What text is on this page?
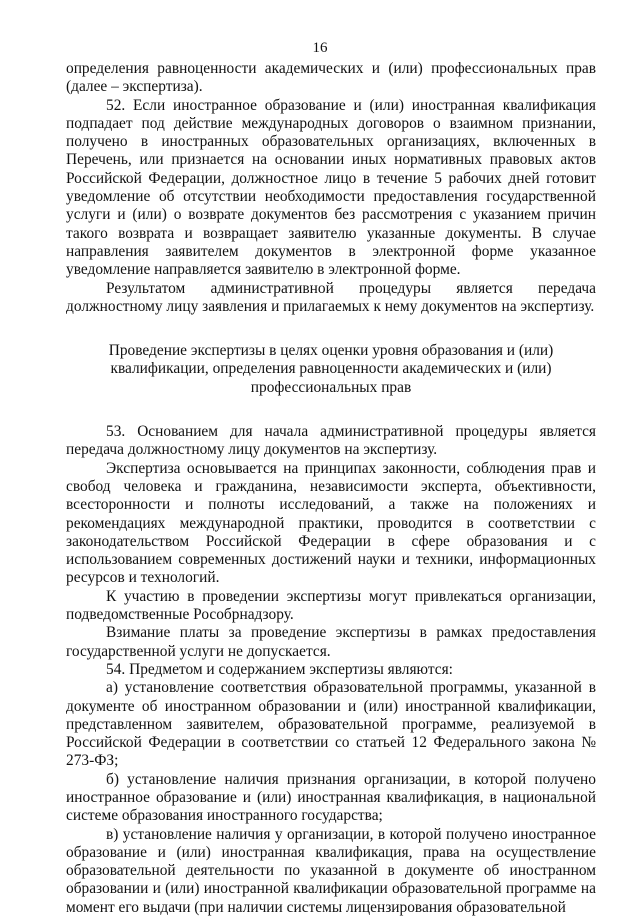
16

определения равноценности академических и (или) профессиональных прав (далее – экспертиза).

52. Если иностранное образование и (или) иностранная квалификация подпадает под действие международных договоров о взаимном признании, получено в иностранных образовательных организациях, включенных в Перечень, или признается на основании иных нормативных правовых актов Российской Федерации, должностное лицо в течение 5 рабочих дней готовит уведомление об отсутствии необходимости предоставления государственной услуги и (или) о возврате документов без рассмотрения с указанием причин такого возврата и возвращает заявителю указанные документы. В случае направления заявителем документов в электронной форме указанное уведомление направляется заявителю в электронной форме.

Результатом административной процедуры является передача должностному лицу заявления и прилагаемых к нему документов на экспертизу.

Проведение экспертизы в целях оценки уровня образования и (или) квалификации, определения равноценности академических и (или) профессиональных прав

53. Основанием для начала административной процедуры является передача должностному лицу документов на экспертизу.

Экспертиза основывается на принципах законности, соблюдения прав и свобод человека и гражданина, независимости эксперта, объективности, всесторонности и полноты исследований, а также на положениях и рекомендациях международной практики, проводится в соответствии с законодательством Российской Федерации в сфере образования и с использованием современных достижений науки и техники, информационных ресурсов и технологий.

К участию в проведении экспертизы могут привлекаться организации, подведомственные Рособрнадзору.

Взимание платы за проведение экспертизы в рамках предоставления государственной услуги не допускается.

54. Предметом и содержанием экспертизы являются:

а) установление соответствия образовательной программы, указанной в документе об иностранном образовании и (или) иностранной квалификации, представленном заявителем, образовательной программе, реализуемой в Российской Федерации в соответствии со статьей 12 Федерального закона № 273-ФЗ;

б) установление наличия признания организации, в которой получено иностранное образование и (или) иностранная квалификация, в национальной системе образования иностранного государства;

в) установление наличия у организации, в которой получено иностранное образование и (или) иностранная квалификация, права на осуществление образовательной деятельности по указанной в документе об иностранном образовании и (или) иностранной квалификации образовательной программе на момент его выдачи (при наличии системы лицензирования образовательной
